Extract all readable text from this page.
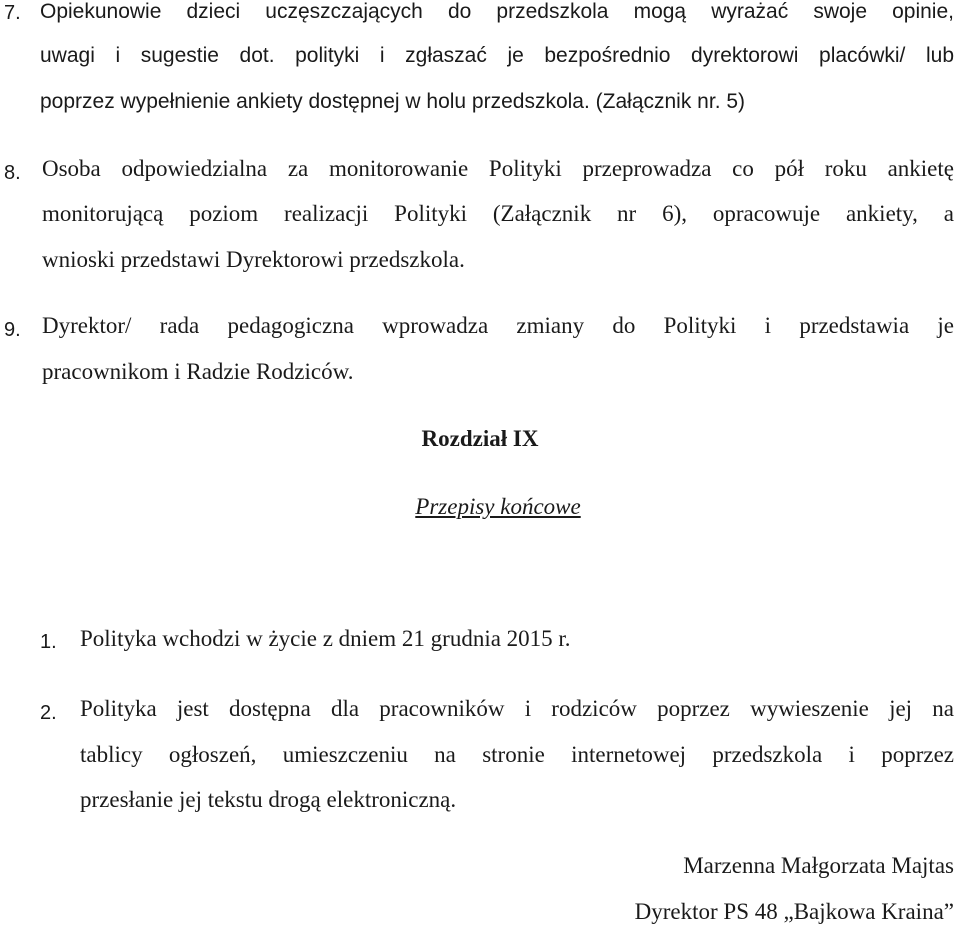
7. Opiekunowie dzieci uczęszczających do przedszkola mogą wyrażać swoje opinie,
uwagi i sugestie dot. polityki i zgłaszać je bezpośrednio dyrektorowi placówki/ lub
poprzez wypełnienie ankiety dostępnej w holu przedszkola. (Załącznik nr. 5)
8. Osoba odpowiedzialna za monitorowanie Polityki przeprowadza co pół roku ankietę
monitorującą poziom realizacji Polityki (Załącznik nr 6), opracowuje ankiety, a
wnioski przedstawi Dyrektorowi przedszkola.
9. Dyrektor/ rada pedagogiczna wprowadza zmiany do Polityki i przedstawia je
pracownikom i Radzie Rodziców.
Rozdział IX
Przepisy końcowe
1. Polityka wchodzi w życie z dniem 21 grudnia 2015 r.
2. Polityka jest dostępna dla pracowników i rodziców poprzez wywieszenie jej na
tablicy ogłoszeń, umieszczeniu na stronie internetowej przedszkola i poprzez
przesłanie jej tekstu drogą elektroniczną.
Marzenna Małgorzata Majtas
Dyrektor PS 48 „Bajkowa Kraina”
